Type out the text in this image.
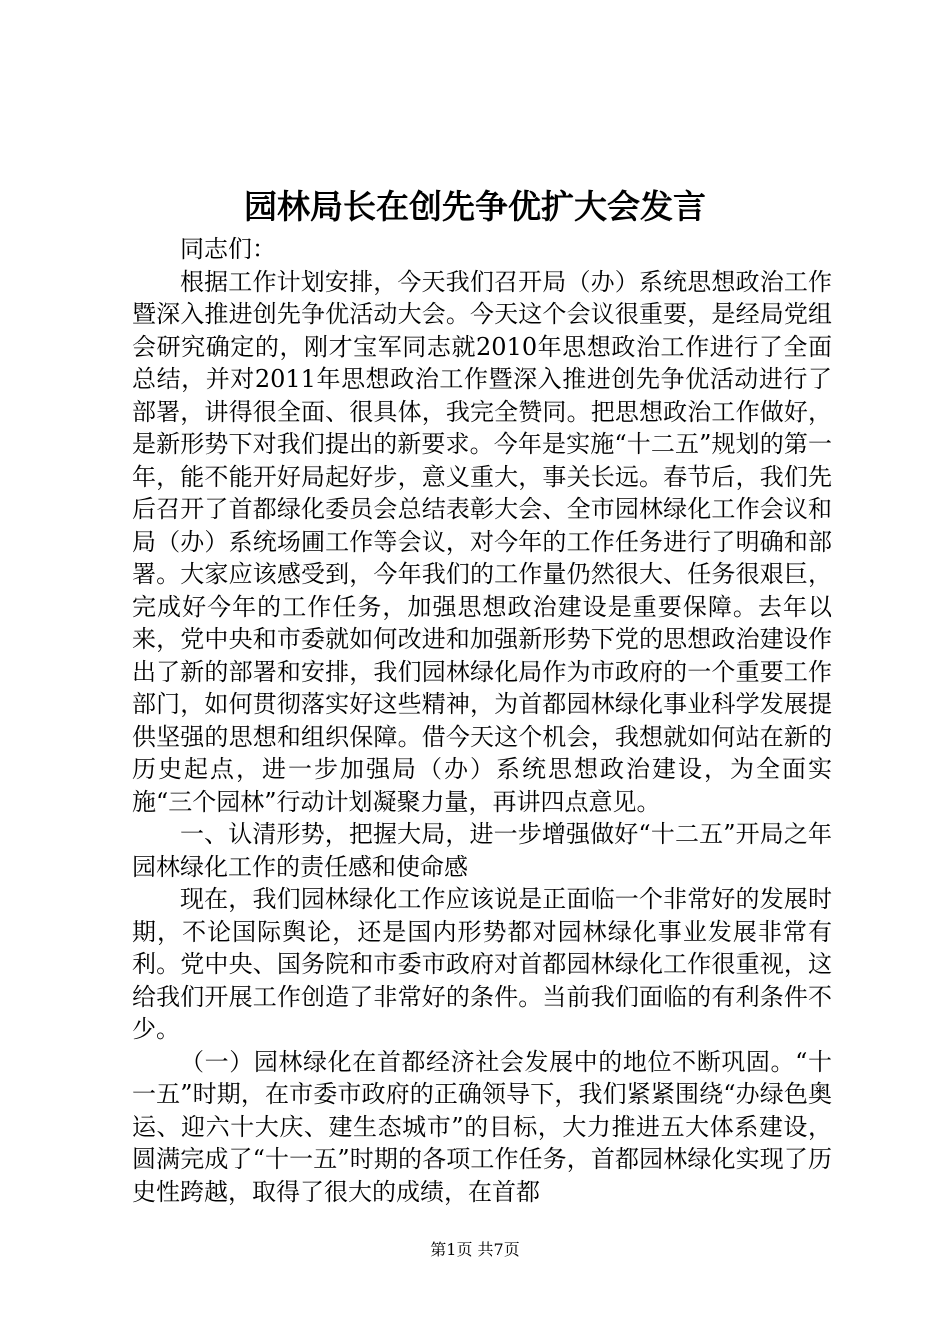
园林局长在创先争优扩大会发言

同志们：

根据工作计划安排，今天我们召开局（办）系统思想政治工作暨深入推进创先争优活动大会。今天这个会议很重要，是经局党组会研究确定的，刚才宝军同志就2010年思想政治工作进行了全面总结，并对2011年思想政治工作暨深入推进创先争优活动进行了部署，讲得很全面、很具体，我完全赞同。把思想政治工作做好，是新形势下对我们提出的新要求。今年是实施“十二五”规划的第一年，能不能开好局起好步，意义重大，事关长远。春节后，我们先后召开了首都绿化委员会总结表彰大会、全市园林绿化工作会议和局（办）系统场圃工作等会议，对今年的工作任务进行了明确和部署。大家应该感受到，今年我们的工作量仍然很大、任务很艰巨，完成好今年的工作任务，加强思想政治建设是重要保障。去年以来，党中央和市委就如何改进和加强新形势下党的思想政治建设作出了新的部署和安排，我们园林绿化局作为市政府的一个重要工作部门，如何贯彻落实好这些精神，为首都园林绿化事业科学发展提供坚强的思想和组织保障。借今天这个机会，我想就如何站在新的历史起点，进一步加强局（办）系统思想政治建设，为全面实施“三个园林”行动计划凝聚力量，再讲四点意见。

一、认清形势，把握大局，进一步增强做好“十二五”开局之年园林绿化工作的责任感和使命感

现在，我们园林绿化工作应该说是正面临一个非常好的发展时期，不论国际舆论，还是国内形势都对园林绿化事业发展非常有利。党中央、国务院和市委市政府对首都园林绿化工作很重视，这给我们开展工作创造了非常好的条件。当前我们面临的有利条件不少。

（一）园林绿化在首都经济社会发展中的地位不断巩固。“十一五”时期，在市委市政府的正确领导下，我们紧紧围绕“办绿色奥运、迎六十大庆、建生态城市”的目标，大力推进五大体系建设，圆满完成了“十一五”时期的各项工作任务，首都园林绿化实现了历史性跨越，取得了很大的成绩，在首都

第1页 共7页
